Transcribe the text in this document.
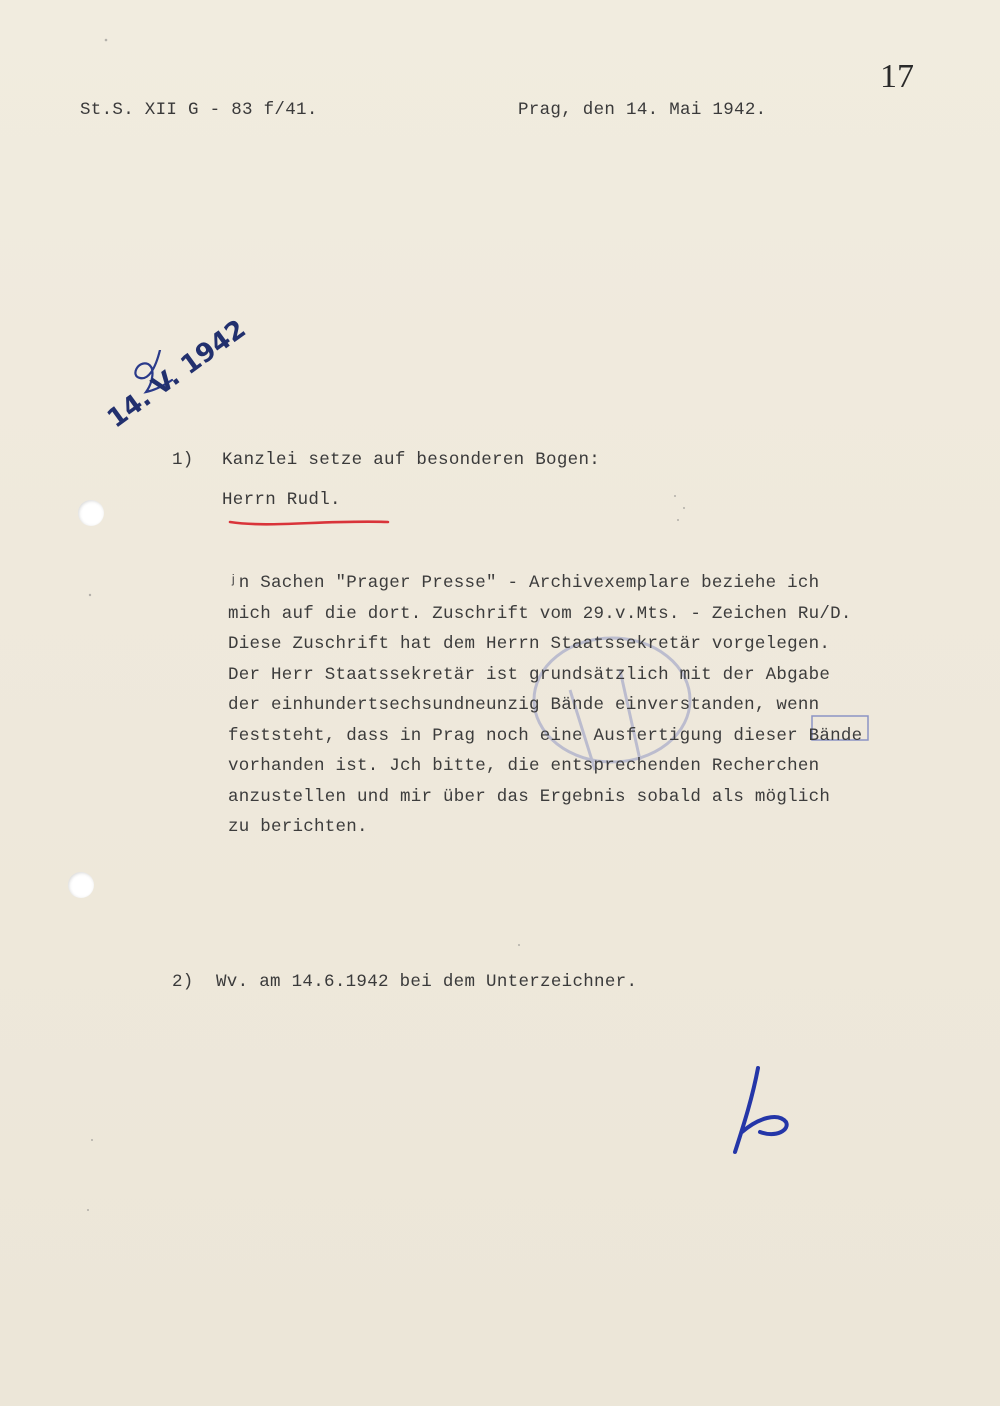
St.S. XII G - 83 f/41.	Prag, den 14. Mai 1942.

17

14. V. 1942

1) Kanzlei setze auf besonderen Bogen:

Herrn Rudl.

ʲn Sachen "Prager Presse" - Archivexemplare beziehe ich

mich auf die dort. Zuschrift vom 29.v.Mts. - Zeichen Ru/D.

Diese Zuschrift hat dem Herrn Staatssekretär vorgelegen.

Der Herr Staatssekretär ist grundsätzlich mit der Abgabe

der einhundertsechsundneunzig Bände einverstanden, wenn

feststeht, dass in Prag noch eine Ausfertigung dieser Bände

vorhanden ist. Jch bitte, die entsprechenden Recherchen

anzustellen und mir über das Ergebnis sobald als möglich

zu berichten.

2) Wv. am 14.6.1942 bei dem Unterzeichner.
